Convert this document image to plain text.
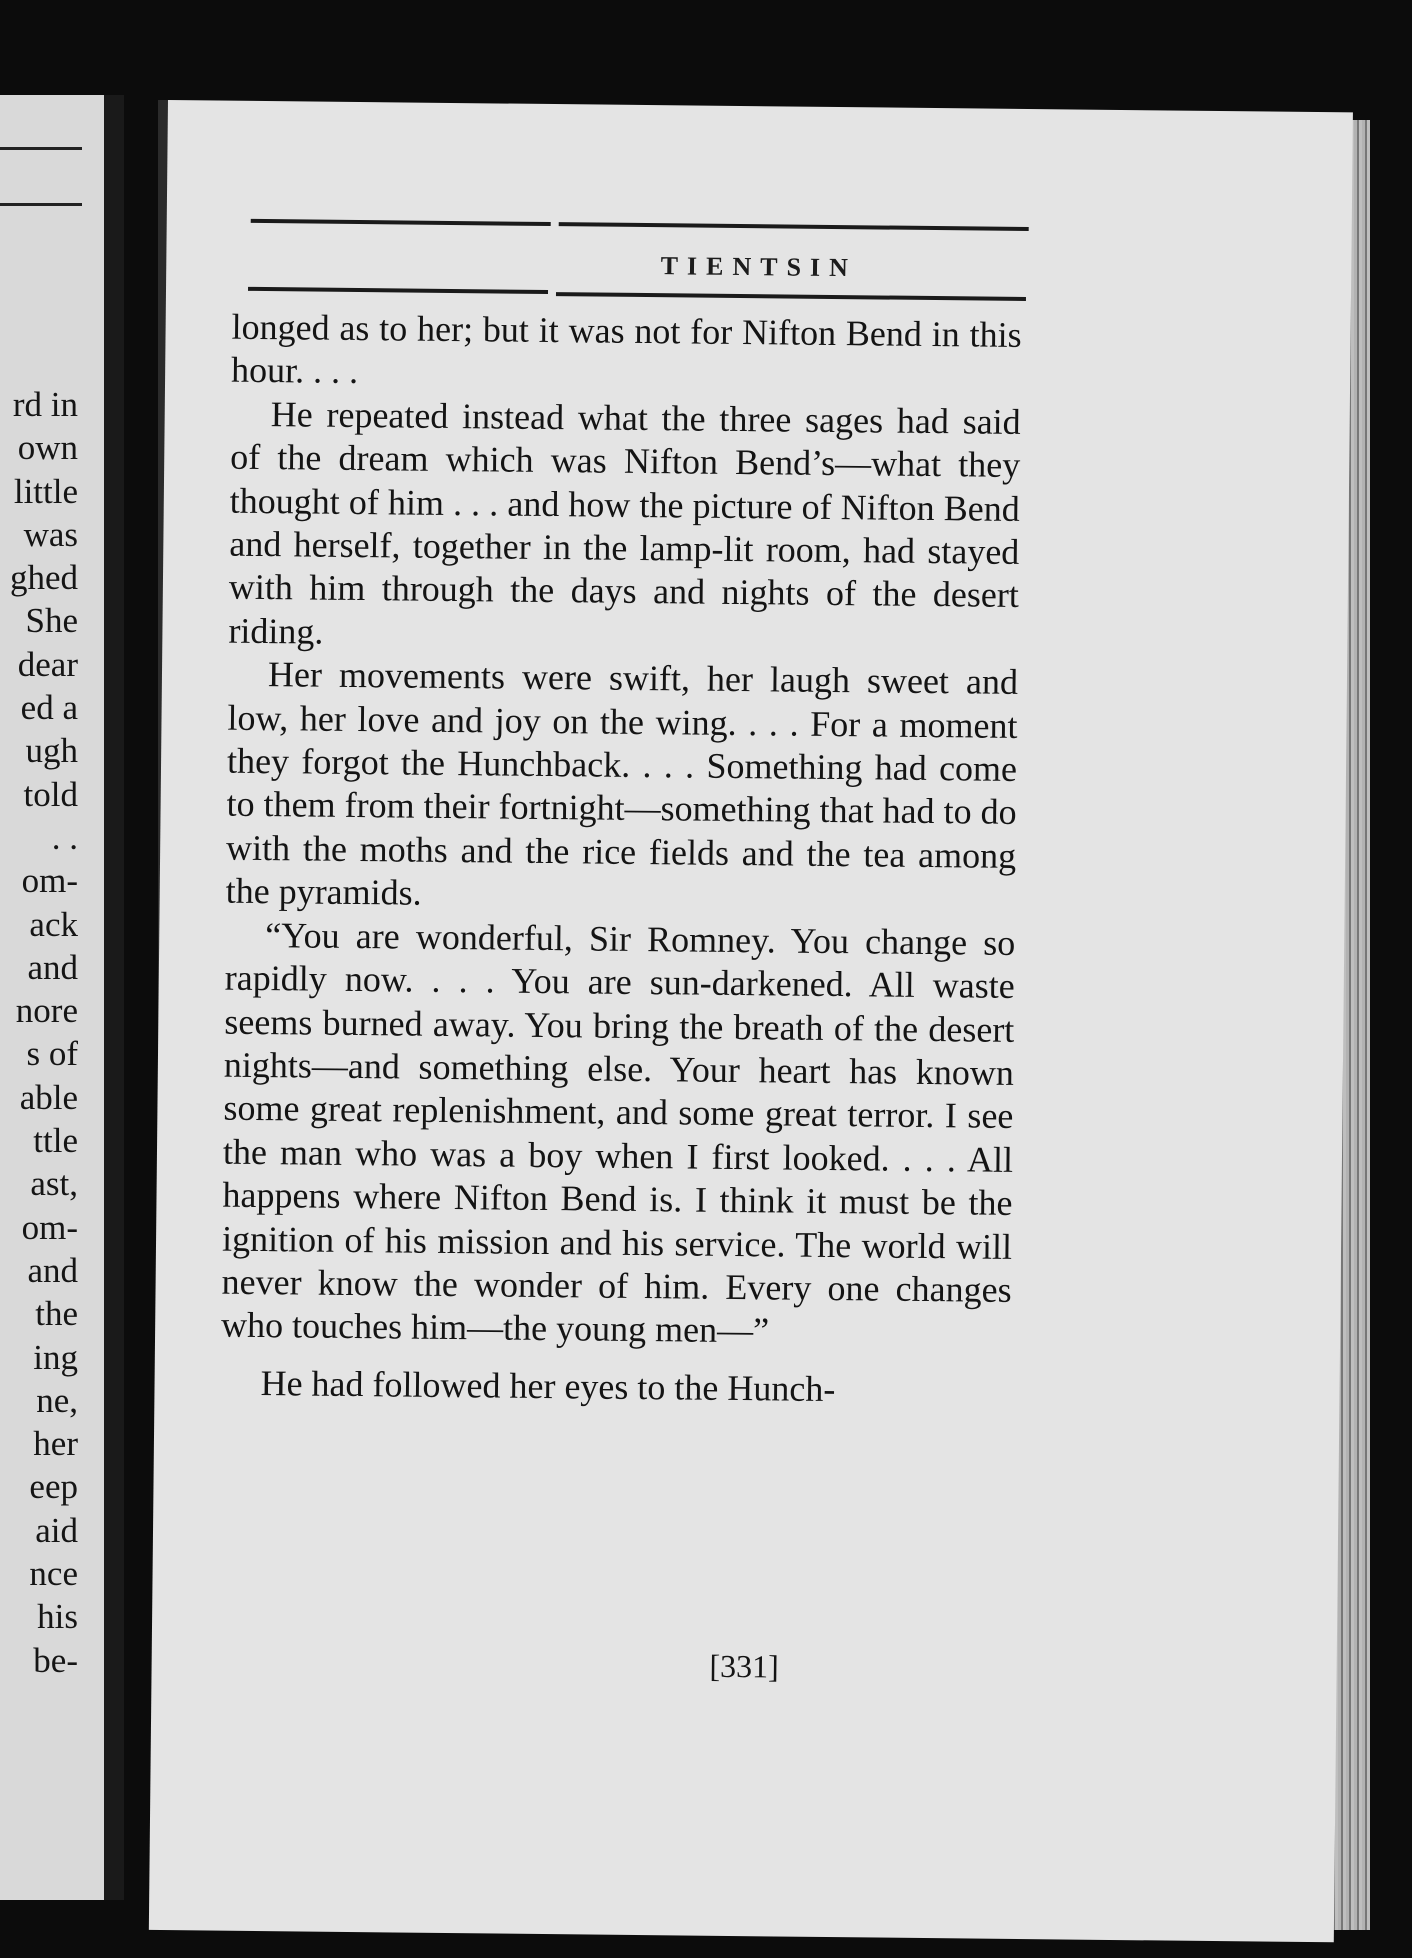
rd in
own
little
was
ghed
She
dear
ed a
ugh
told
. .
om-
ack
and
nore
s of
able
ttle
ast,
om-
and
the
ing
ne,
her
eep
aid
nce
his
be-
TIENTSIN

longed as to her; but it was not for Nifton Bend in this hour. . . .

He repeated instead what the three sages had said of the dream which was Nifton Bend’s—what they thought of him . . . and how the picture of Nifton Bend and herself, together in the lamp-lit room, had stayed with him through the days and nights of the desert riding.

Her movements were swift, her laugh sweet and low, her love and joy on the wing. . . . For a moment they forgot the Hunchback. . . . Something had come to them from their fortnight—something that had to do with the moths and the rice fields and the tea among the pyramids.

“You are wonderful, Sir Romney. You change so rapidly now. . . . You are sun-darkened. All waste seems burned away. You bring the breath of the desert nights—and something else. Your heart has known some great replenishment, and some great terror. I see the man who was a boy when I first looked. . . . All happens where Nifton Bend is. I think it must be the ignition of his mission and his service. The world will never know the wonder of him. Every one changes who touches him—the young men—”

He had followed her eyes to the Hunch-

[331]
